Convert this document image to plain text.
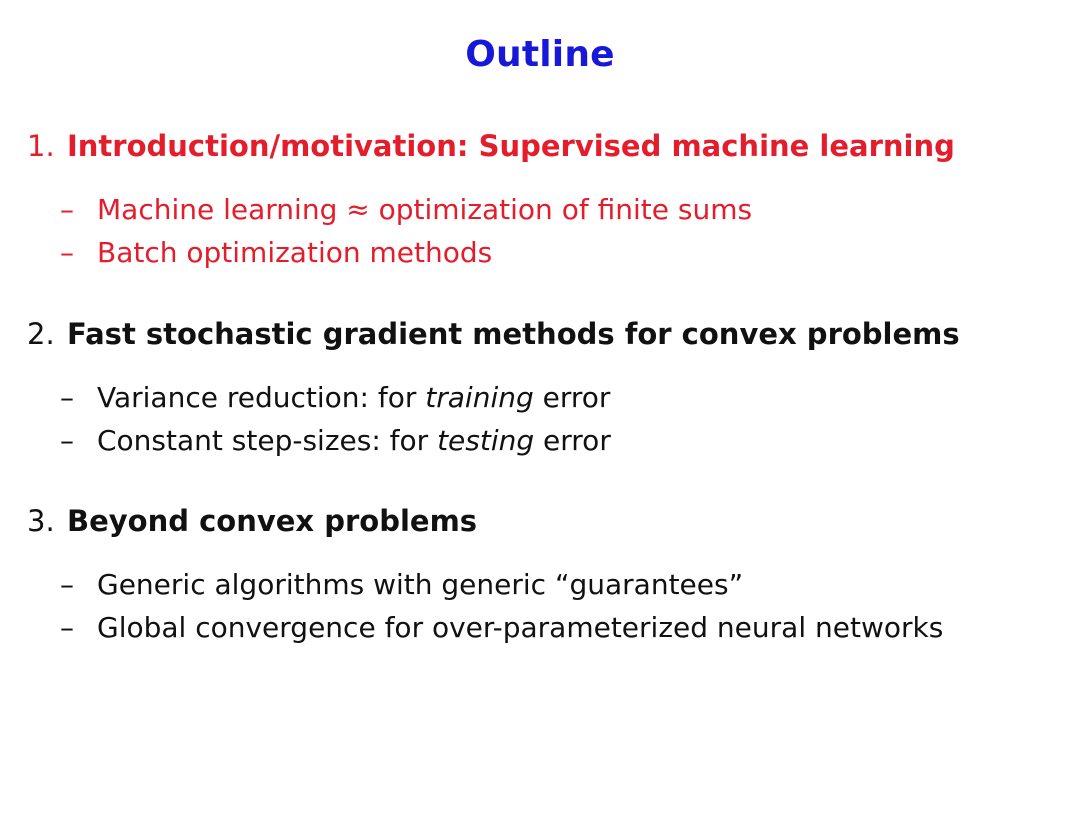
Outline
1. Introduction/motivation: Supervised machine learning
– Machine learning ≈ optimization of finite sums
– Batch optimization methods
2. Fast stochastic gradient methods for convex problems
– Variance reduction: for training error
– Constant step-sizes: for testing error
3. Beyond convex problems
– Generic algorithms with generic “guarantees”
– Global convergence for over-parameterized neural networks
